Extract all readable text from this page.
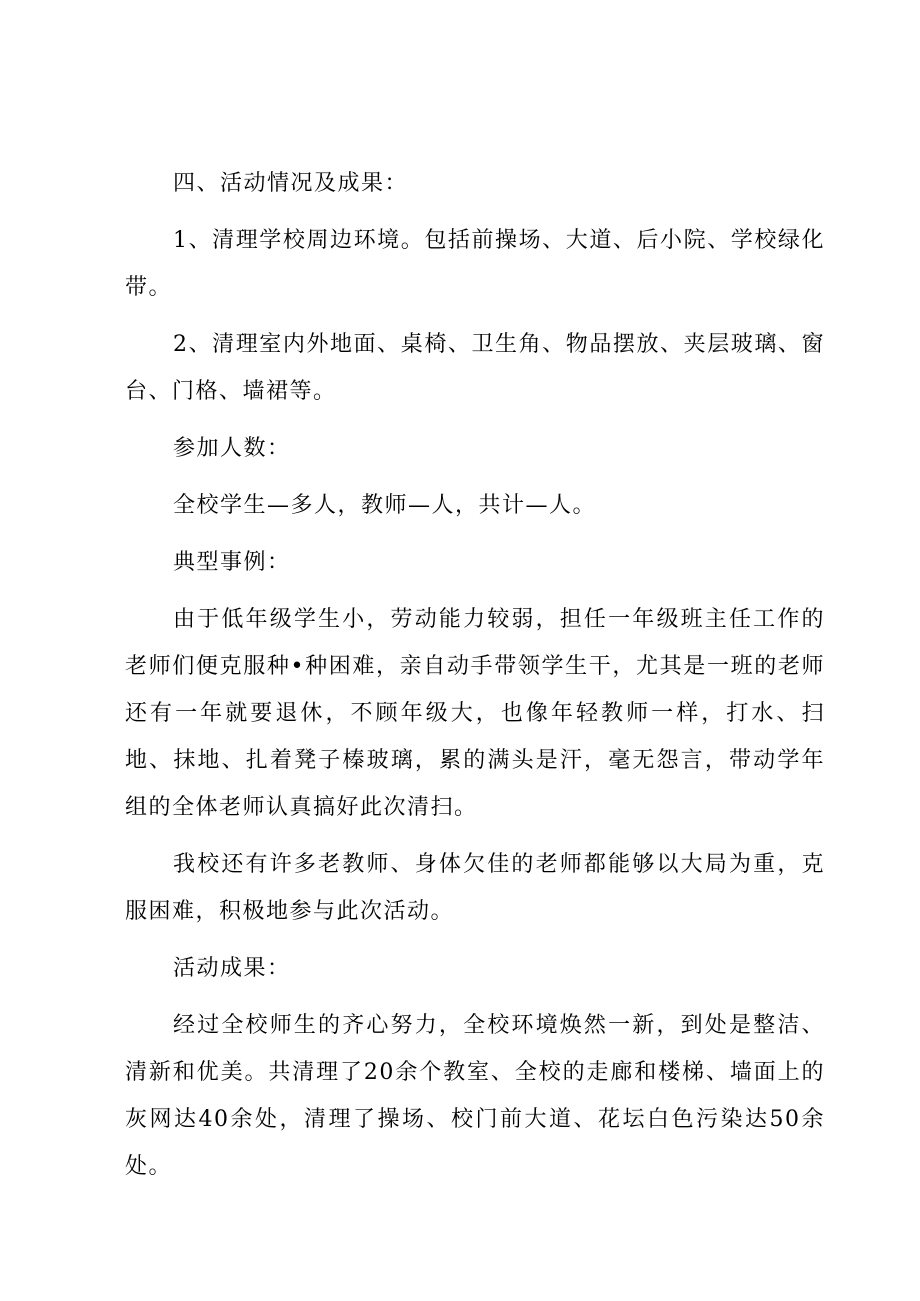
四、活动情况及成果：

1、清理学校周边环境。包括前操场、大道、后小院、学校绿化带。

2、清理室内外地面、桌椅、卫生角、物品摆放、夹层玻璃、窗台、门格、墙裙等。

参加人数：

全校学生—多人，教师—人，共计—人。

典型事例：

由于低年级学生小，劳动能力较弱，担任一年级班主任工作的老师们便克服种•种困难，亲自动手带领学生干，尤其是一班的老师还有一年就要退休，不顾年级大，也像年轻教师一样，打水、扫地、抹地、扎着凳子榛玻璃，累的满头是汗，毫无怨言，带动学年组的全体老师认真搞好此次清扫。

我校还有许多老教师、身体欠佳的老师都能够以大局为重，克服困难，积极地参与此次活动。

活动成果：

经过全校师生的齐心努力，全校环境焕然一新，到处是整洁、清新和优美。共清理了20余个教室、全校的走廊和楼梯、墙面上的灰网达40余处，清理了操场、校门前大道、花坛白色污染达50余处。
